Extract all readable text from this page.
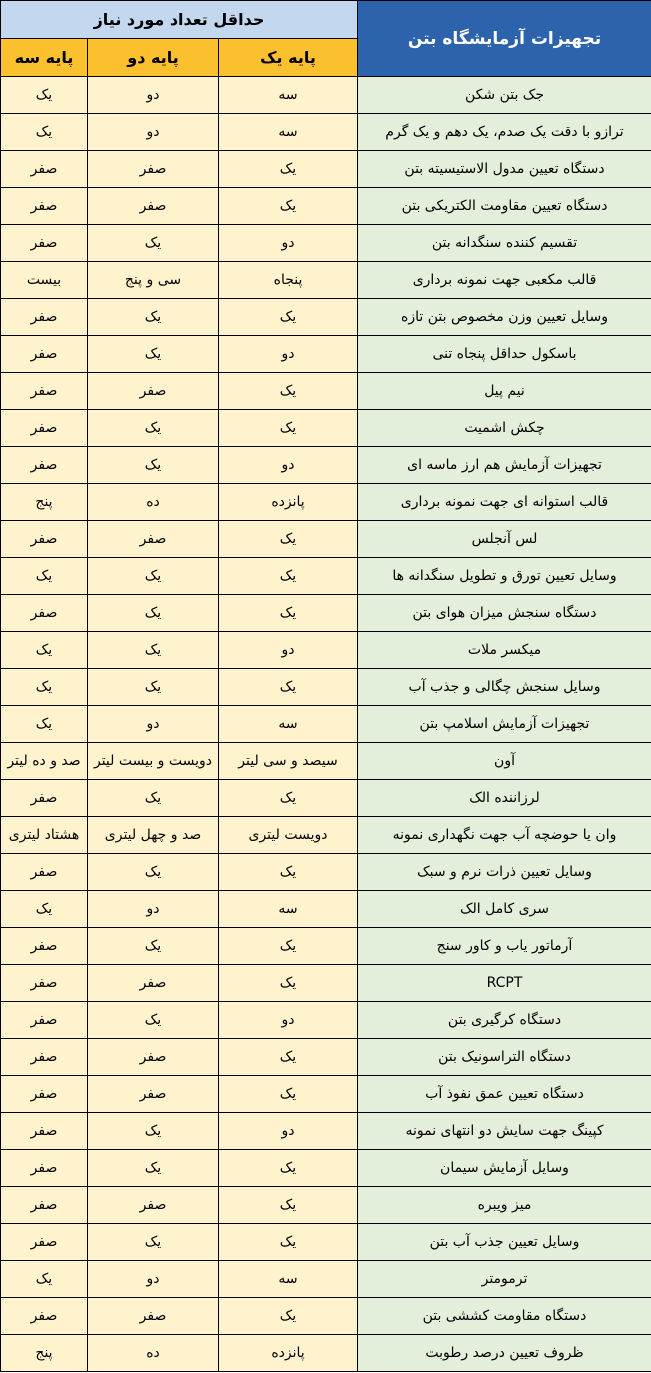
تجهیزات آزمایشگاه بتن	حداقل تعداد مورد نیاز		
	پایه یک	پایه دو	پایه سه
جک بتن شکن	سه	دو	یک
ترازو با دقت یک صدم، یک دهم و یک گرم	سه	دو	یک
دستگاه تعیین مدول الاستیسیته بتن	یک	صفر	صفر
دستگاه تعیین مقاومت الکتریکی بتن	یک	صفر	صفر
تقسیم کننده سنگدانه بتن	دو	یک	صفر
قالب مکعبی جهت نمونه برداری	پنجاه	سی و پنج	بیست
وسایل تعیین وزن مخصوص بتن تازه	یک	یک	صفر
باسکول حداقل پنجاه تنی	دو	یک	صفر
نیم پیل	یک	صفر	صفر
چکش اشمیت	یک	یک	صفر
تجهیزات آزمایش هم ارز ماسه ای	دو	یک	صفر
قالب استوانه ای جهت نمونه برداری	پانزده	ده	پنج
لس آنجلس	یک	صفر	صفر
وسایل تعیین تورق و تطویل سنگدانه ها	یک	یک	یک
دستگاه سنجش میزان هوای بتن	یک	یک	صفر
میکسر ملات	دو	یک	یک
وسایل سنجش چگالی و جذب آب	یک	یک	یک
تجهیزات آزمایش اسلامپ بتن	سه	دو	یک
آون	سیصد و سی لیتر	دویست و بیست لیتر	صد و ده لیتر
لرزاننده الک	یک	یک	صفر
وان یا حوضچه آب جهت نگهداری نمونه	دویست لیتری	صد و چهل لیتری	هشتاد لیتری
وسایل تعیین ذرات نرم و سبک	یک	یک	صفر
سری کامل الک	سه	دو	یک
آرماتور یاب و کاور سنج	یک	یک	صفر
RCPT	یک	صفر	صفر
دستگاه کرگیری بتن	دو	یک	صفر
دستگاه التراسونیک بتن	یک	صفر	صفر
دستگاه تعیین عمق نفوذ آب	یک	صفر	صفر
کپینگ جهت سایش دو انتهای نمونه	دو	یک	صفر
وسایل آزمایش سیمان	یک	یک	صفر
میز ویبره	یک	صفر	صفر
وسایل تعیین جذب آب بتن	یک	یک	صفر
ترمومتر	سه	دو	یک
دستگاه مقاومت کششی بتن	یک	صفر	صفر
ظروف تعیین درصد رطوبت	پانزده	ده	پنج
